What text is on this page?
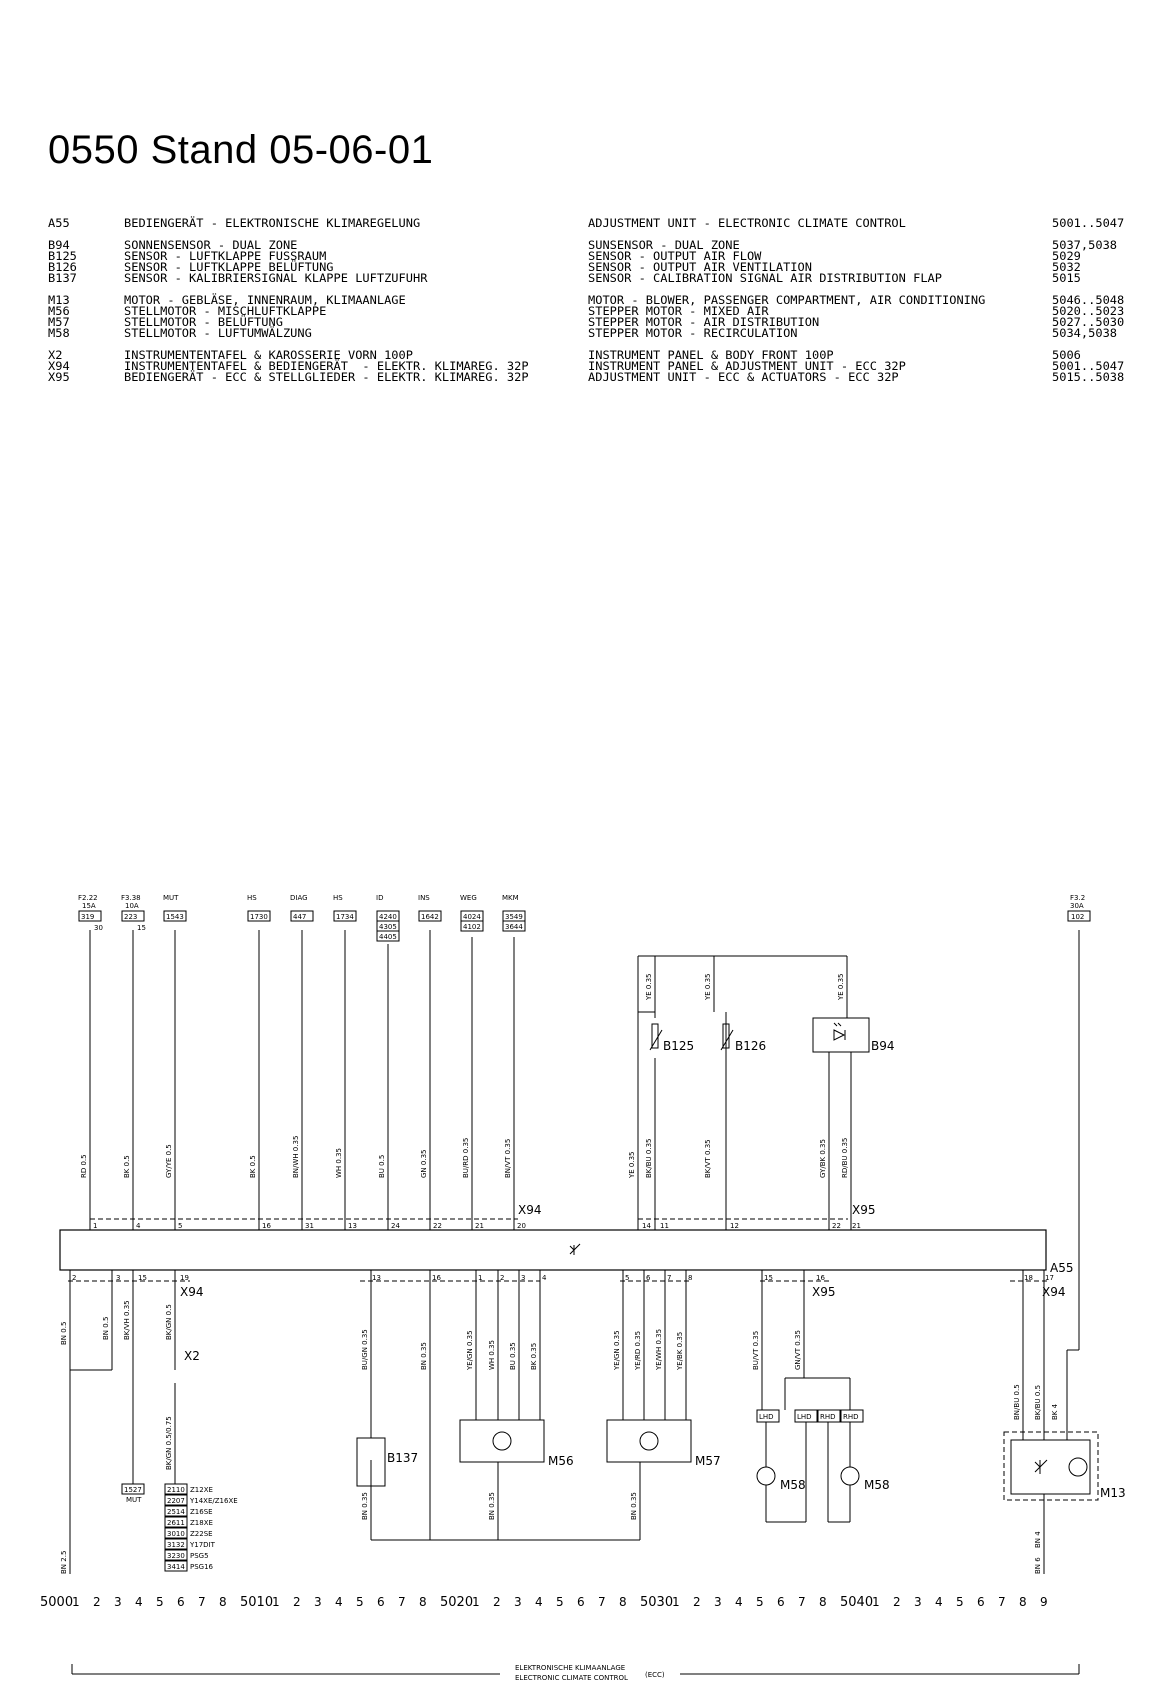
0550 Stand 05-06-01
A55	BEDIENGERÄT - ELEKTRONISCHE KLIMAREGELUNG	ADJUSTMENT UNIT - ELECTRONIC CLIMATE CONTROL	5001..5047
B94	SONNENSENSOR - DUAL ZONE	SUNSENSOR - DUAL ZONE	5037,5038
B125	SENSOR - LUFTKLAPPE FUSSRAUM	SENSOR - OUTPUT AIR FLOW	5029
B126	SENSOR - LUFTKLAPPE BELÜFTUNG	SENSOR - OUTPUT AIR VENTILATION	5032
B137	SENSOR - KALIBRIERSIGNAL KLAPPE LUFTZUFUHR	SENSOR - CALIBRATION SIGNAL AIR DISTRIBUTION FLAP	5015
M13	MOTOR - GEBLÄSE, INNENRAUM, KLIMAANLAGE	MOTOR - BLOWER, PASSENGER COMPARTMENT, AIR CONDITIONING	5046..5048
M56	STELLMOTOR - MISCHLUFTKLAPPE	STEPPER MOTOR - MIXED AIR	5020..5023
M57	STELLMOTOR - BELÜFTUNG	STEPPER MOTOR - AIR DISTRIBUTION	5027..5030
M58	STELLMOTOR - LUFTUMWÄLZUNG	STEPPER MOTOR - RECIRCULATION	5034,5038
X2	INSTRUMENTENTAFEL & KAROSSERIE VORN 100P	INSTRUMENT PANEL & BODY FRONT 100P	5006
X94	INSTRUMENTENTAFEL & BEDIENGERÄT  - ELEKTR. KLIMAREG. 32P	INSTRUMENT PANEL & ADJUSTMENT UNIT - ECC 32P	5001..5047
X95	BEDIENGERÄT - ECC & STELLGLIEDER - ELEKTR. KLIMAREG. 32P	ADJUSTMENT UNIT - ECC & ACTUATORS - ECC 32P	5015..5038
F2.22
15A
319
30
RD 0.5
1
F3.38
10A
223
15
BK 0.5
4
MUT
1543
GY/YE 0.5
5
HS
1730
BK 0.5
16
DIAG
447
BN/WH 0.35
31
HS
1734
WH 0.35
13
ID
4240
4305
4405
BU 0.5
24
INS
1642
GN 0.35
22
WEG
4024
4102
BU/RD 0.35
21
MKM
3549
3644
BN/VT 0.35
20
F3.2
30A
102
YE 0.35
14
BK/BU 0.35
11
BK/VT 0.35
12
GY/BK 0.35
22
RD/BU 0.35
21
YE 0.35	YE 0.35	YE 0.35
B125	B126	B94
B137	M56	M57
M58	M58
M13
A55
X94	X95
X94	X95	X94
X2
2	3	15	19	13	16	1	2 3 4	5 6 7 8	15	16	18 17
BN 0.5	BN 0.5 BK/VH 0.35	BK/GN 0.5
BU/GN 0.35	BN 0.35	YE/GN 0.35 WH 0.35 BU 0.35 BK 0.35	YE/GN 0.35 YE/RD 0.35 YE/WH 0.35 YE/BK 0.35	BU/VT 0.35	GN/VT 0.35
BN/BU 0.5 BK/BU 0.5 BK 4
BN 0.35	BN 0.35	BN 0.35
BN 4
BN 6
BN 2.5
BK/GN 0.5/0.75
1527
MUT
2110 Z12XE
2207 Y14XE/Z16XE
2514 Z16SE
2611 Z18XE
3010 Z22SE
3132 Y17DIT
3230 PSG5
3414 PSG16
LHD	LHD RHD RHD
5000
1 2 3 4 5 6 7 8 5010
1 2 3 4 5 6 7 8 5020
1 2 3 4 5 6 7 8 5030
1 2 3 4 5 6 7 8 5040
1 2 3 4 5 6 7 8 9
ELEKTRONISCHE KLIMAANLAGE
ELECTRONIC CLIMATE CONTROL (ECC)
